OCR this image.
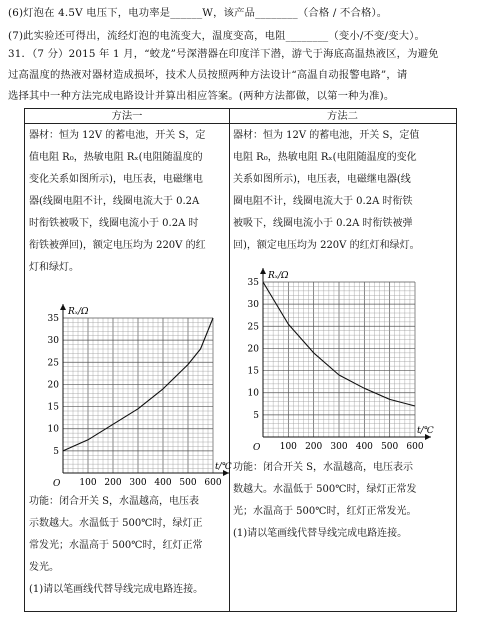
(6)灯泡在 4.5V 电压下，电功率是______W，该产品________（合格 / 不合格）。
(7)此实验还可得出，流经灯泡的电流变大，温度变高，电阻________（变小/不变/变大）。
31．（7 分）2015 年 1 月，“蛟龙”号深潜器在印度洋下潜，游弋于海底高温热液区，为避免
过高温度的热液对器材造成损坏，技术人员按照两种方法设计“高温自动报警电路”，请
选择其中一种方法完成电路设计并算出相应答案。(两种方法都做，以第一种为准)。
方法一
器材：恒为 12V 的蓄电池，开关 S，定
值电阻 R₀，热敏电阻 Rₓ(电阻随温度的
变化关系如图所示)，电压表，电磁继电
器(线圈电阻不计，线圈电流大于 0.2A
时衔铁被吸下，线圈电流小于 0.2A 时
衔铁被弹回)，额定电压均为 220V 的红
灯和绿灯。
100 200 300 400 500 600
5
10
15
20
25
30
35
O
Rₓ/Ω
t/℃
功能：闭合开关 S，水温越高，电压表
示数越大。水温低于 500℃时，绿灯正
常发光；水温高于 500℃时，红灯正常
发光。
(1)请以笔画线代替导线完成电路连接。
方法二
器材：恒为 12V 的蓄电池，开关 S，定值
电阻 R₀，热敏电阻 Rₓ(电阻随温度的变化
关系如图所示)，电压表，电磁继电器(线
圈电阻不计，线圈电流大于 0.2A 时衔铁
被吸下，线圈电流小于 0.2A 时衔铁被弹
回)，额定电压均为 220V 的红灯和绿灯。
100 200 300 400 500 600
5
10
15
20
25
30
35
O
Rₓ/Ω
t/℃
功能：闭合开关 S，水温越高，电压表示
数越大。水温低于 500℃时，绿灯正常发
光；水温高于 500℃时，红灯正常发光。
(1)请以笔画线代替导线完成电路连接。
